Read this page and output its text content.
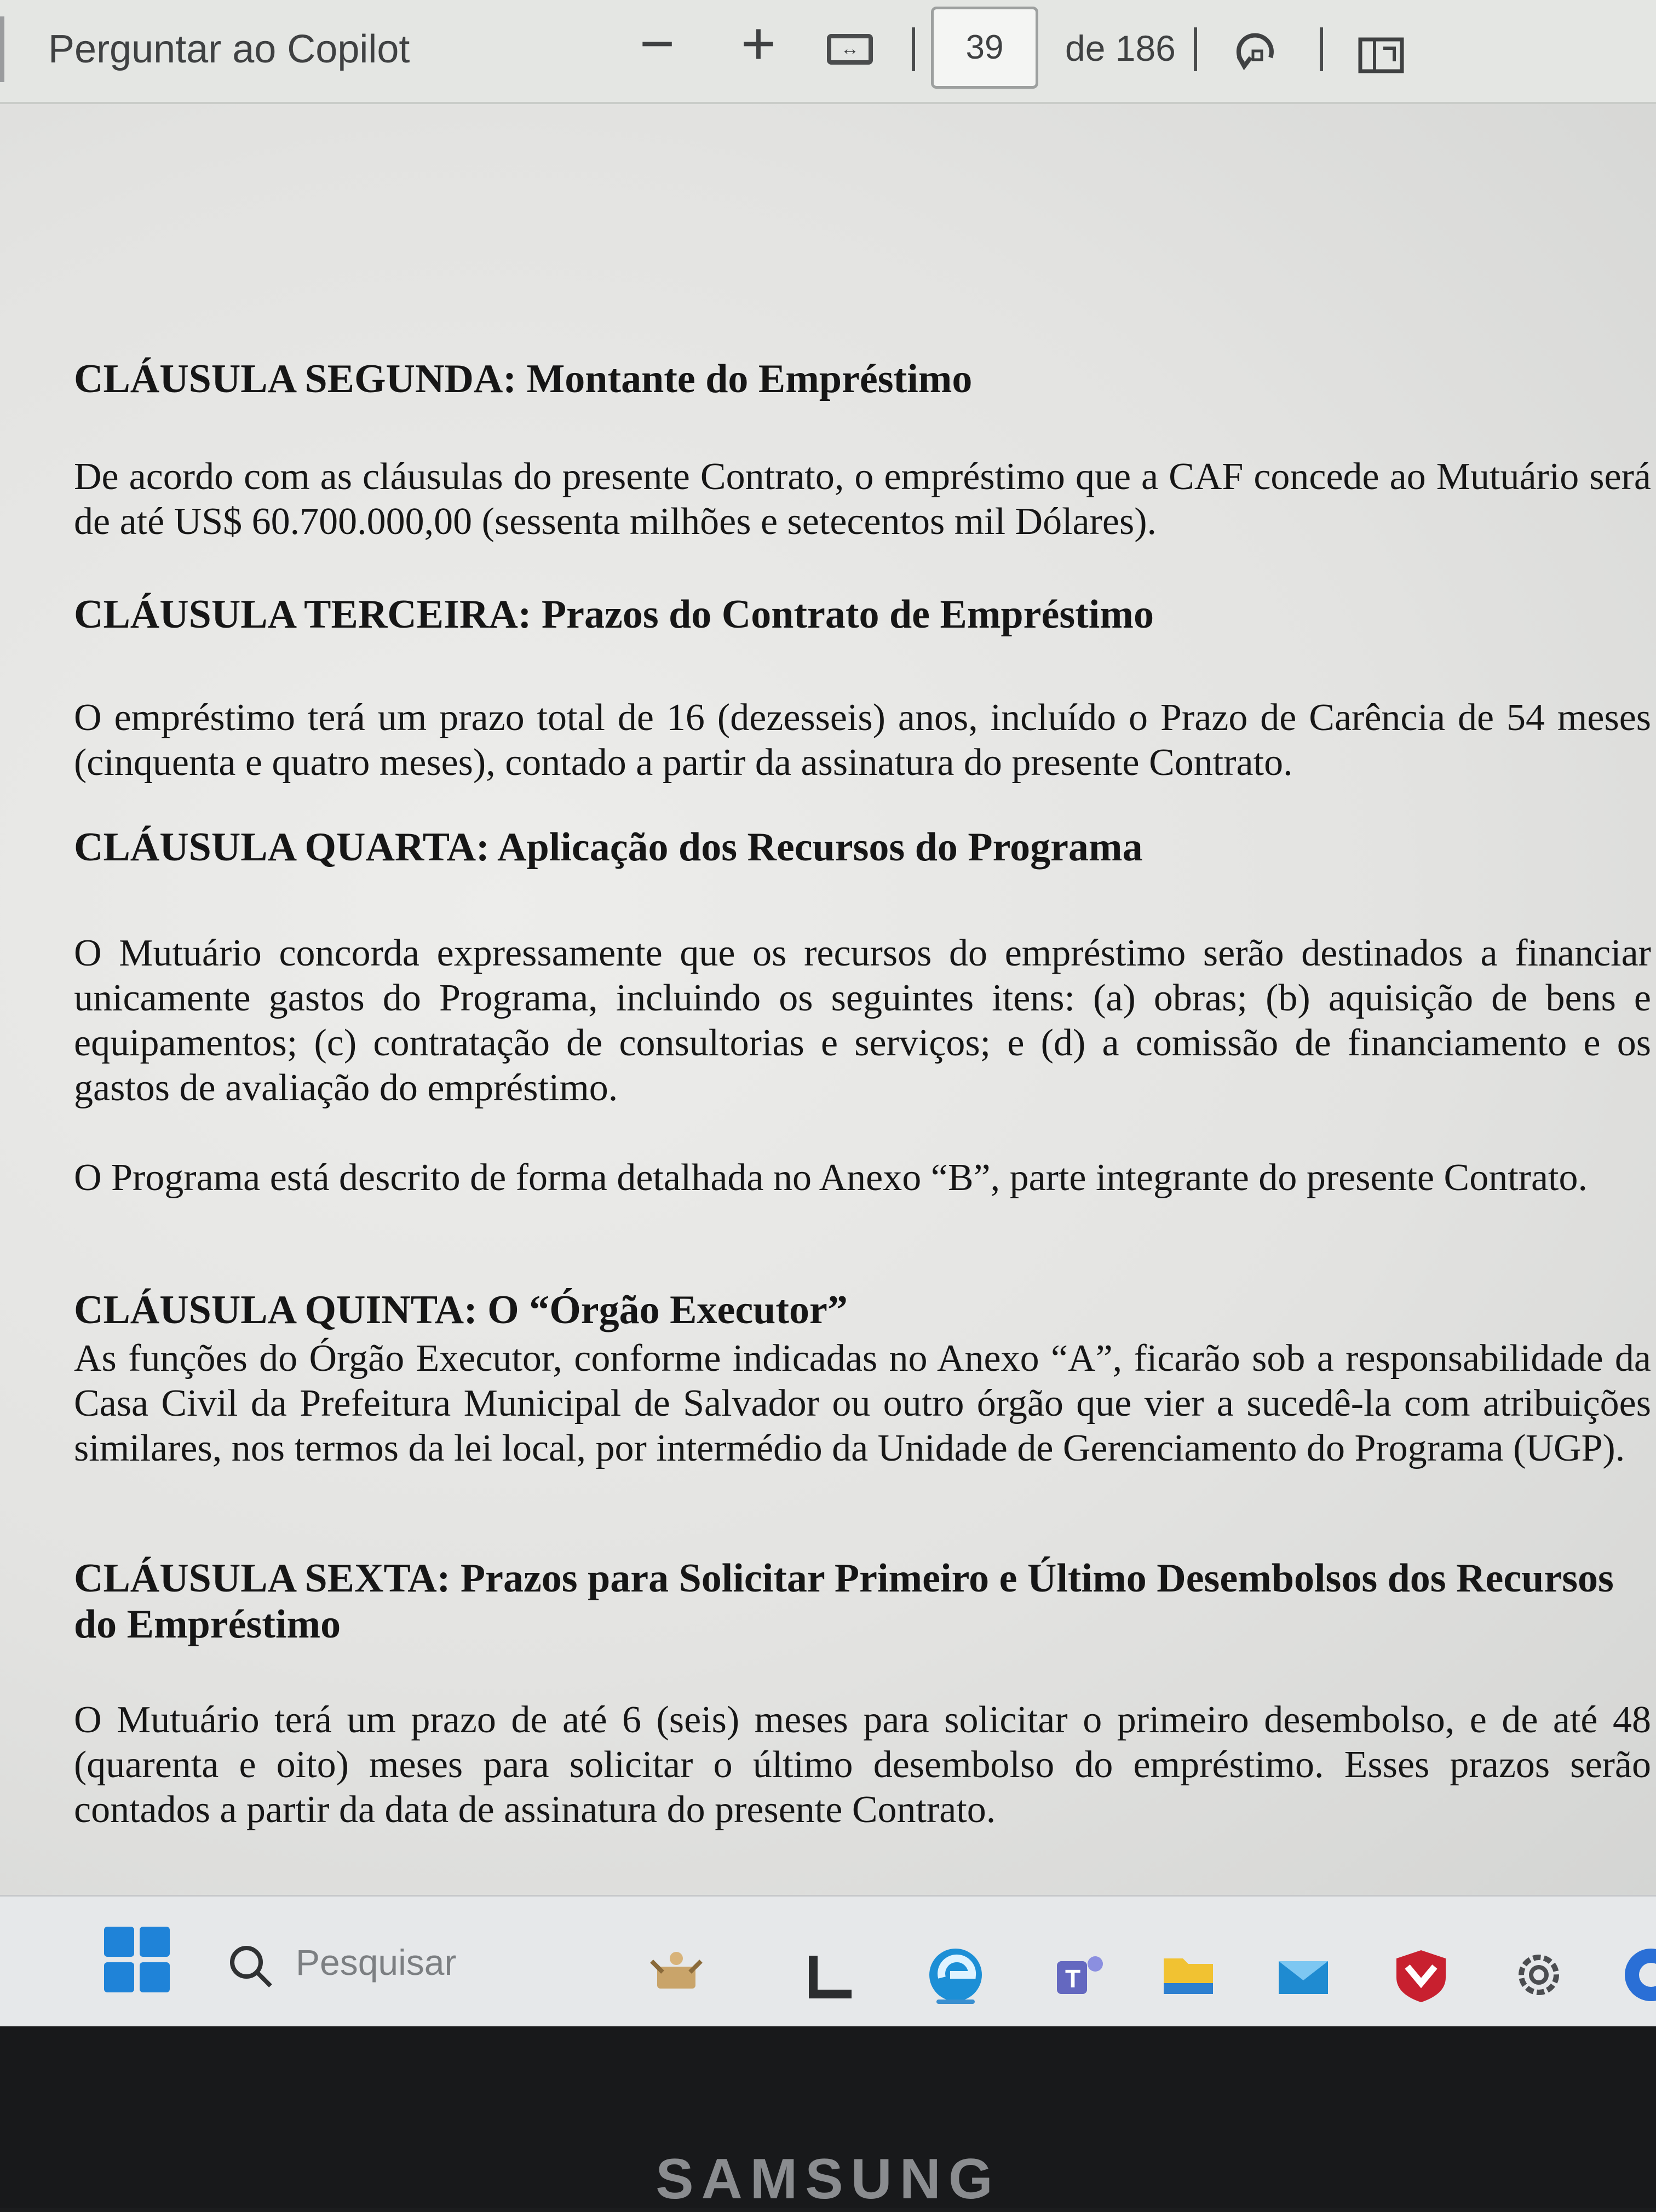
Perguntar ao Copilot	− +	↔	39	de 186
CLÁUSULA SEGUNDA: Montante do Empréstimo
De acordo com as cláusulas do presente Contrato, o empréstimo que a CAF concede ao Mutuário será de até US$ 60.700.000,00 (sessenta milhões e setecentos mil Dólares).
CLÁUSULA TERCEIRA: Prazos do Contrato de Empréstimo
O empréstimo terá um prazo total de 16 (dezesseis) anos, incluído o Prazo de Carência de 54 meses (cinquenta e quatro meses), contado a partir da assinatura do presente Contrato.
CLÁUSULA QUARTA: Aplicação dos Recursos do Programa
O Mutuário concorda expressamente que os recursos do empréstimo serão destinados a financiar unicamente gastos do Programa, incluindo os seguintes itens: (a) obras; (b) aquisição de bens e equipamentos; (c) contratação de consultorias e serviços; e (d) a comissão de financiamento e os gastos de avaliação do empréstimo.
O Programa está descrito de forma detalhada no Anexo “B”, parte integrante do presente Contrato.
CLÁUSULA QUINTA: O “Órgão Executor”
As funções do Órgão Executor, conforme indicadas no Anexo “A”, ficarão sob a responsabilidade da Casa Civil da Prefeitura Municipal de Salvador ou outro órgão que vier a sucedê-la com atribuições similares, nos termos da lei local, por intermédio da Unidade de Gerenciamento do Programa (UGP).
CLÁUSULA SEXTA: Prazos para Solicitar Primeiro e Último Desembolsos dos Recursos do Empréstimo
O Mutuário terá um prazo de até 6 (seis) meses para solicitar o primeiro desembolso, e de até 48 (quarenta e oito) meses para solicitar o último desembolso do empréstimo. Esses prazos serão contados a partir da data de assinatura do presente Contrato.
Pesquisar	T
SAMSUNG
